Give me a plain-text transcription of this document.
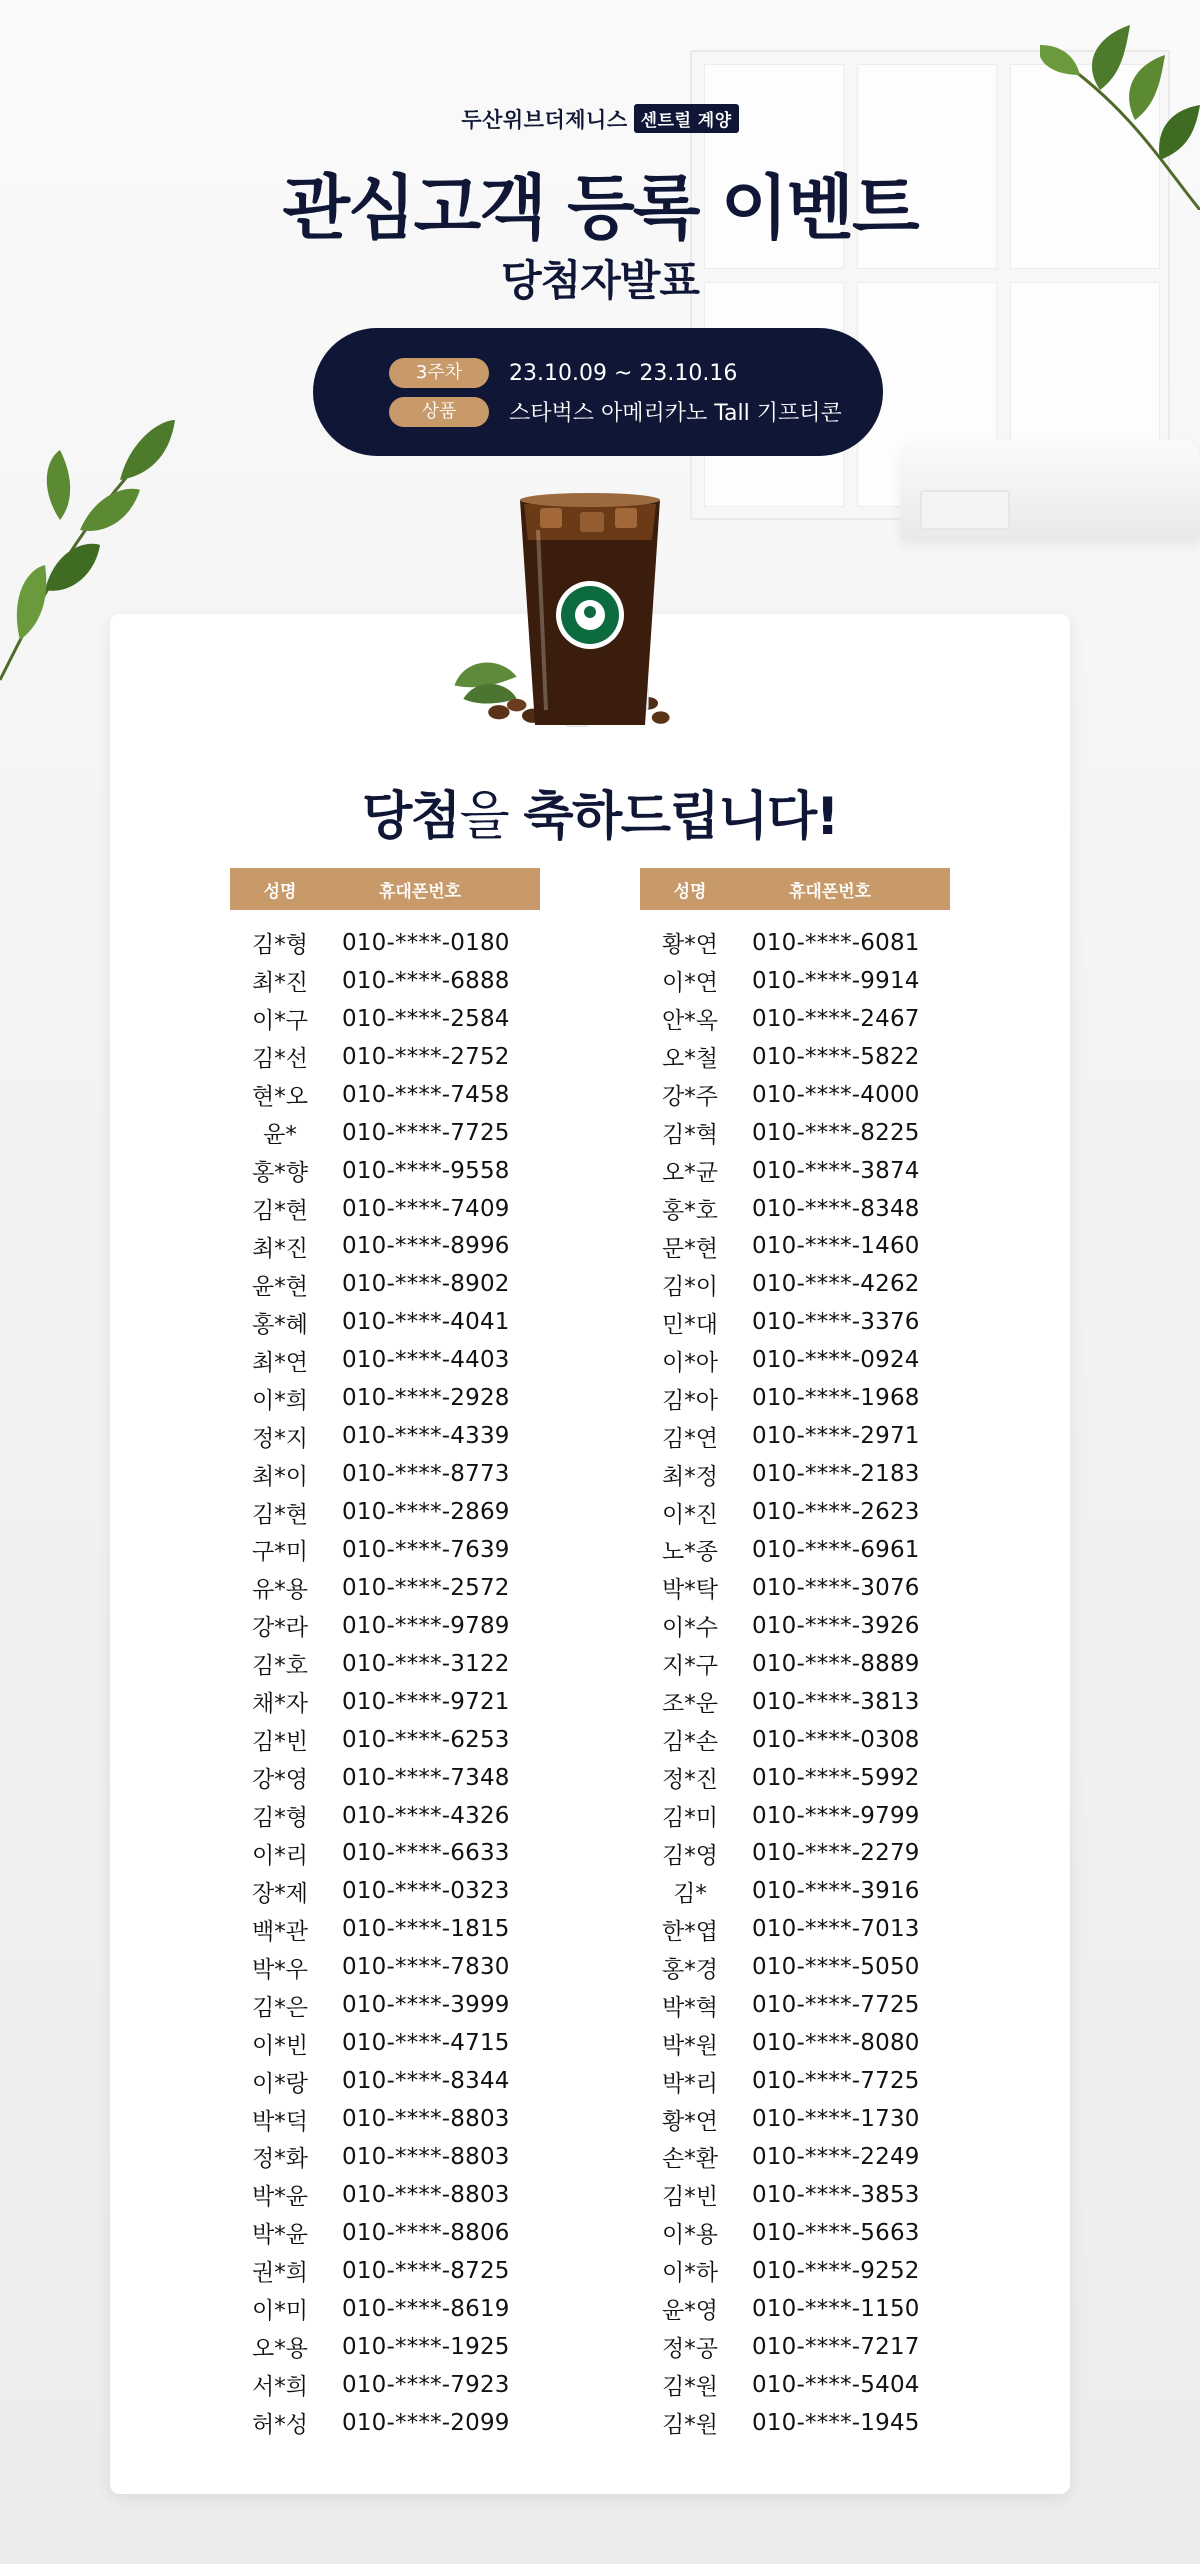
두산위브더제니스 센트럴 계양
관심고객 등록 이벤트
당첨자발표
3주차	23.10.09 ~ 23.10.16
상품	스타벅스 아메리카노 Tall 기프티콘
당첨을 축하드립니다!
성명	휴대폰번호
김*형	010-****-0180
최*진	010-****-6888
이*구	010-****-2584
김*선	010-****-2752
현*오	010-****-7458
윤*	010-****-7725
홍*향	010-****-9558
김*현	010-****-7409
최*진	010-****-8996
윤*현	010-****-8902
홍*혜	010-****-4041
최*연	010-****-4403
이*희	010-****-2928
정*지	010-****-4339
최*이	010-****-8773
김*현	010-****-2869
구*미	010-****-7639
유*용	010-****-2572
강*라	010-****-9789
김*호	010-****-3122
채*자	010-****-9721
김*빈	010-****-6253
강*영	010-****-7348
김*형	010-****-4326
이*리	010-****-6633
장*제	010-****-0323
백*관	010-****-1815
박*우	010-****-7830
김*은	010-****-3999
이*빈	010-****-4715
이*랑	010-****-8344
박*덕	010-****-8803
정*화	010-****-8803
박*윤	010-****-8803
박*윤	010-****-8806
권*희	010-****-8725
이*미	010-****-8619
오*용	010-****-1925
서*희	010-****-7923
허*성	010-****-2099
성명	휴대폰번호
황*연	010-****-6081
이*연	010-****-9914
안*옥	010-****-2467
오*철	010-****-5822
강*주	010-****-4000
김*혁	010-****-8225
오*균	010-****-3874
홍*호	010-****-8348
문*현	010-****-1460
김*이	010-****-4262
민*대	010-****-3376
이*아	010-****-0924
김*아	010-****-1968
김*연	010-****-2971
최*정	010-****-2183
이*진	010-****-2623
노*종	010-****-6961
박*탁	010-****-3076
이*수	010-****-3926
지*구	010-****-8889
조*운	010-****-3813
김*손	010-****-0308
정*진	010-****-5992
김*미	010-****-9799
김*영	010-****-2279
김*	010-****-3916
한*엽	010-****-7013
홍*경	010-****-5050
박*혁	010-****-7725
박*원	010-****-8080
박*리	010-****-7725
황*연	010-****-1730
손*환	010-****-2249
김*빈	010-****-3853
이*용	010-****-5663
이*하	010-****-9252
윤*영	010-****-1150
정*공	010-****-7217
김*원	010-****-5404
김*원	010-****-1945
